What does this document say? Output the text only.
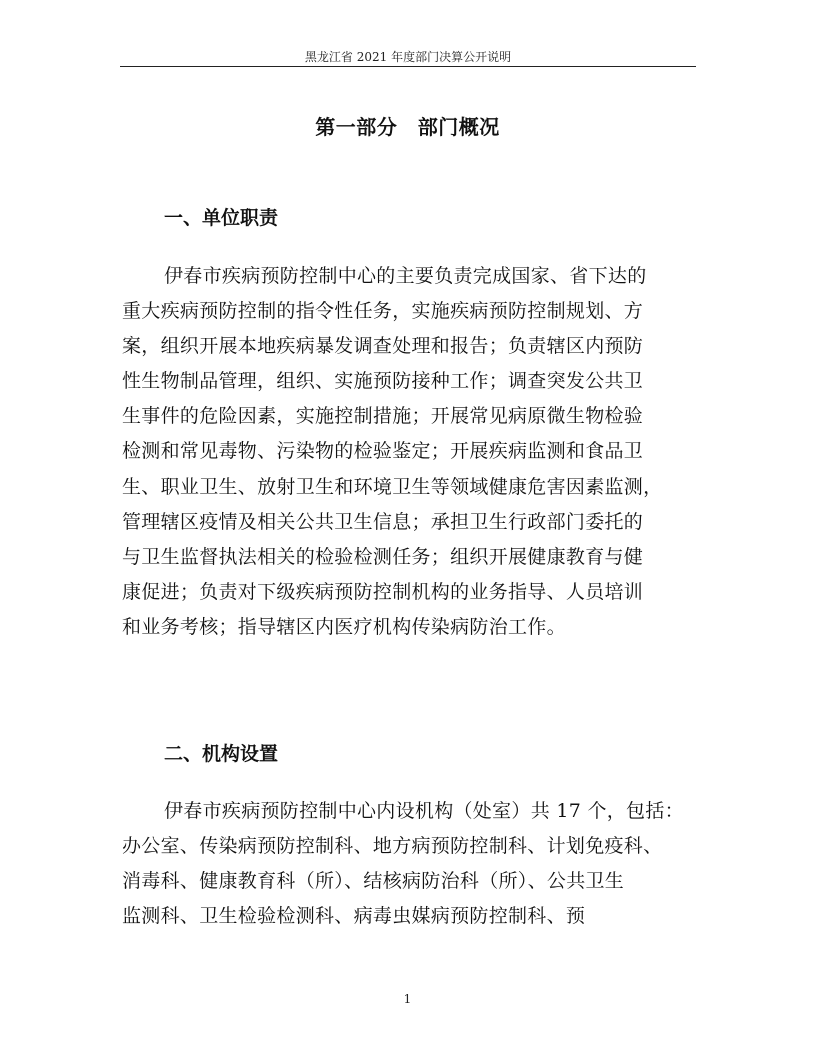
黑龙江省 2021 年度部门决算公开说明
第一部分　部门概况
一、单位职责
伊春市疾病预防控制中心的主要负责完成国家、省下达的
重大疾病预防控制的指令性任务，实施疾病预防控制规划、方
案，组织开展本地疾病暴发调查处理和报告；负责辖区内预防
性生物制品管理，组织、实施预防接种工作；调查突发公共卫
生事件的危险因素，实施控制措施；开展常见病原微生物检验
检测和常见毒物、污染物的检验鉴定；开展疾病监测和食品卫
生、职业卫生、放射卫生和环境卫生等领域健康危害因素监测，
管理辖区疫情及相关公共卫生信息；承担卫生行政部门委托的
与卫生监督执法相关的检验检测任务；组织开展健康教育与健
康促进；负责对下级疾病预防控制机构的业务指导、人员培训
和业务考核；指导辖区内医疗机构传染病防治工作。
二、机构设置
伊春市疾病预防控制中心内设机构（处室）共 17 个，包括：
办公室、传染病预防控制科、地方病预防控制科、计划免疫科、
消毒科、健康教育科（所）、结核病防治科（所）、公共卫生
监测科、卫生检验检测科、病毒虫媒病预防控制科、预
1
